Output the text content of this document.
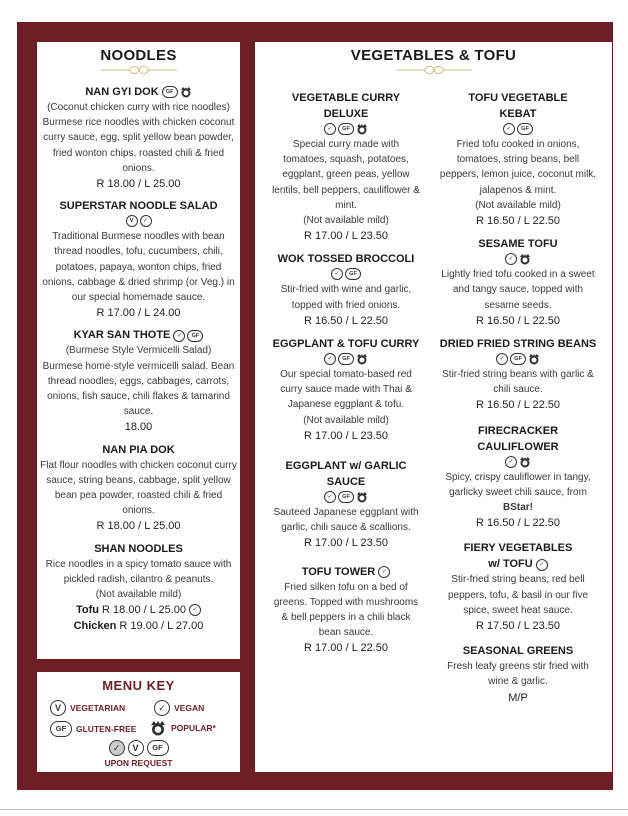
NOODLES
NAN GYI DOK	GF
(Coconut chicken curry with rice noodles)
Burmese rice noodles with chicken coconut curry sauce, egg, split yellow bean powder, fried wonton chips, roasted chili & fried onions.
R 18.00 / L 25.00
SUPERSTAR NOODLE SALAD
V	✓
Traditional Burmese noodles with bean thread noodles, tofu, cucumbers, chili, potatoes, papaya, wonton chips, fried onions, cabbage & dried shrimp (or Veg.) in our special homemade sauce.
R 17.00 / L 24.00
KYAR SAN THOTE	✓	GF
(Burmese Style Vermicelli Salad)
Burmese home-style vermicelli salad. Bean thread noodles, eggs, cabbages, carrots, onions, fish sauce, chili flakes & tamarind sauce.
18.00
NAN PIA DOK
Flat flour noodles with chicken coconut curry sauce, string beans, cabbage, split yellow bean pea powder, roasted chili & fried onions.
R 18.00 / L 25.00
SHAN NOODLES
Rice noodles in a spicy tomato sauce with pickled radish, cilantro & peanuts.
(Not available mild)
Tofu R 18.00 / L 25.00	✓
Chicken R 19.00 / L 27.00
MENU KEY
V	VEGETARIAN	✓ VEGAN
GF	GLUTEN-FREE	POPULAR*
✓	V	GF
UPON REQUEST
VEGETABLES & TOFU
VEGETABLE CURRY DELUXE
✓	GF
Special curry made with tomatoes, squash, potatoes, eggplant, green peas, yellow lentils, bell peppers, cauliflower & mint.
(Not available mild)
R 17.00 / L 23.50
WOK TOSSED BROCCOLI
✓	GF
Stir-fried with wine and garlic, topped with fried onions.
R 16.50 / L 22.50
EGGPLANT & TOFU CURRY
✓	GF
Our special tomato-based red curry sauce made with Thai & Japanese eggplant & tofu.
(Not available mild)
R 17.00 / L 23.50
EGGPLANT w/ GARLIC SAUCE
✓	GF
Sauteed Japanese eggplant with garlic, chili sauce & scallions.
R 17.00 / L 23.50
TOFU TOWER	✓
Fried silken tofu on a bed of greens. Topped with mushrooms & bell peppers in a chili black bean sauce.
R 17.00 / L 22.50
TOFU VEGETABLE KEBAT
✓	GF
Fried tofu cooked in onions, tomatoes, string beans, bell peppers, lemon juice, coconut milk, jalapenos & mint.
(Not available mild)
R 16.50 / L 22.50
SESAME TOFU
✓
Lightly fried tofu cooked in a sweet and tangy sauce, topped with sesame seeds.
R 16.50 / L 22.50
DRIED FRIED STRING BEANS
✓	GF
Stir-fried string beans with garlic & chili sauce.
R 16.50 / L 22.50
FIRECRACKER CAULIFLOWER
✓
Spicy, crispy cauliflower in tangy, garlicky sweet chili sauce, from BStar!
R 16.50 / L 22.50
FIERY VEGETABLES w/ TOFU	✓
Stir-fried string beans, red bell peppers, tofu, & basil in our five spice, sweet heat sauce.
R 17.50 / L 23.50
SEASONAL GREENS
Fresh leafy greens stir fried with wine & garlic.
M/P
